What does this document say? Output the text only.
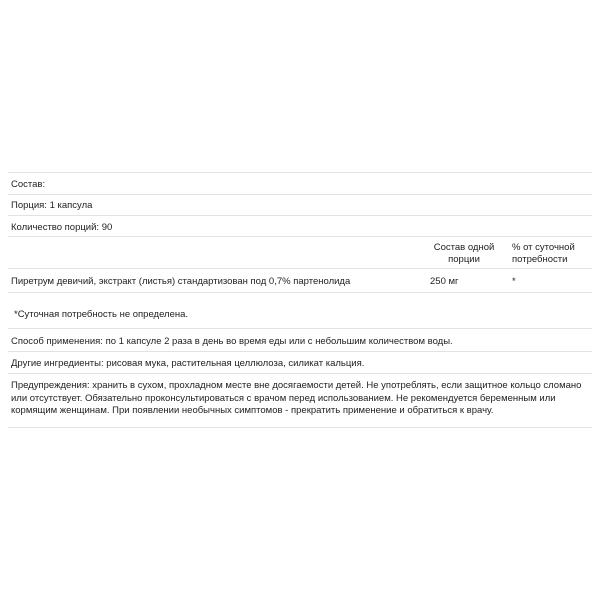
Состав:
Порция: 1 капсула
Количество порций: 90
Состав одной порции
% от суточной потребности
Пиретрум девичий, экстракт (листья) стандартизован под 0,7% партенолида	250 мг	*
*Суточная потребность не определена.
Способ применения: по 1 капсуле 2 раза в день во время еды или с небольшим количеством воды.
Другие ингредиенты: рисовая мука, растительная целлюлоза, силикат кальция.
Предупреждения: хранить в сухом, прохладном месте вне досягаемости детей. Не употреблять, если защитное кольцо сломано или отсутствует. Обязательно проконсультироваться с врачом перед использованием. Не рекомендуется беременным или кормящим женщинам. При появлении необычных симптомов - прекратить применение и обратиться к врачу.
